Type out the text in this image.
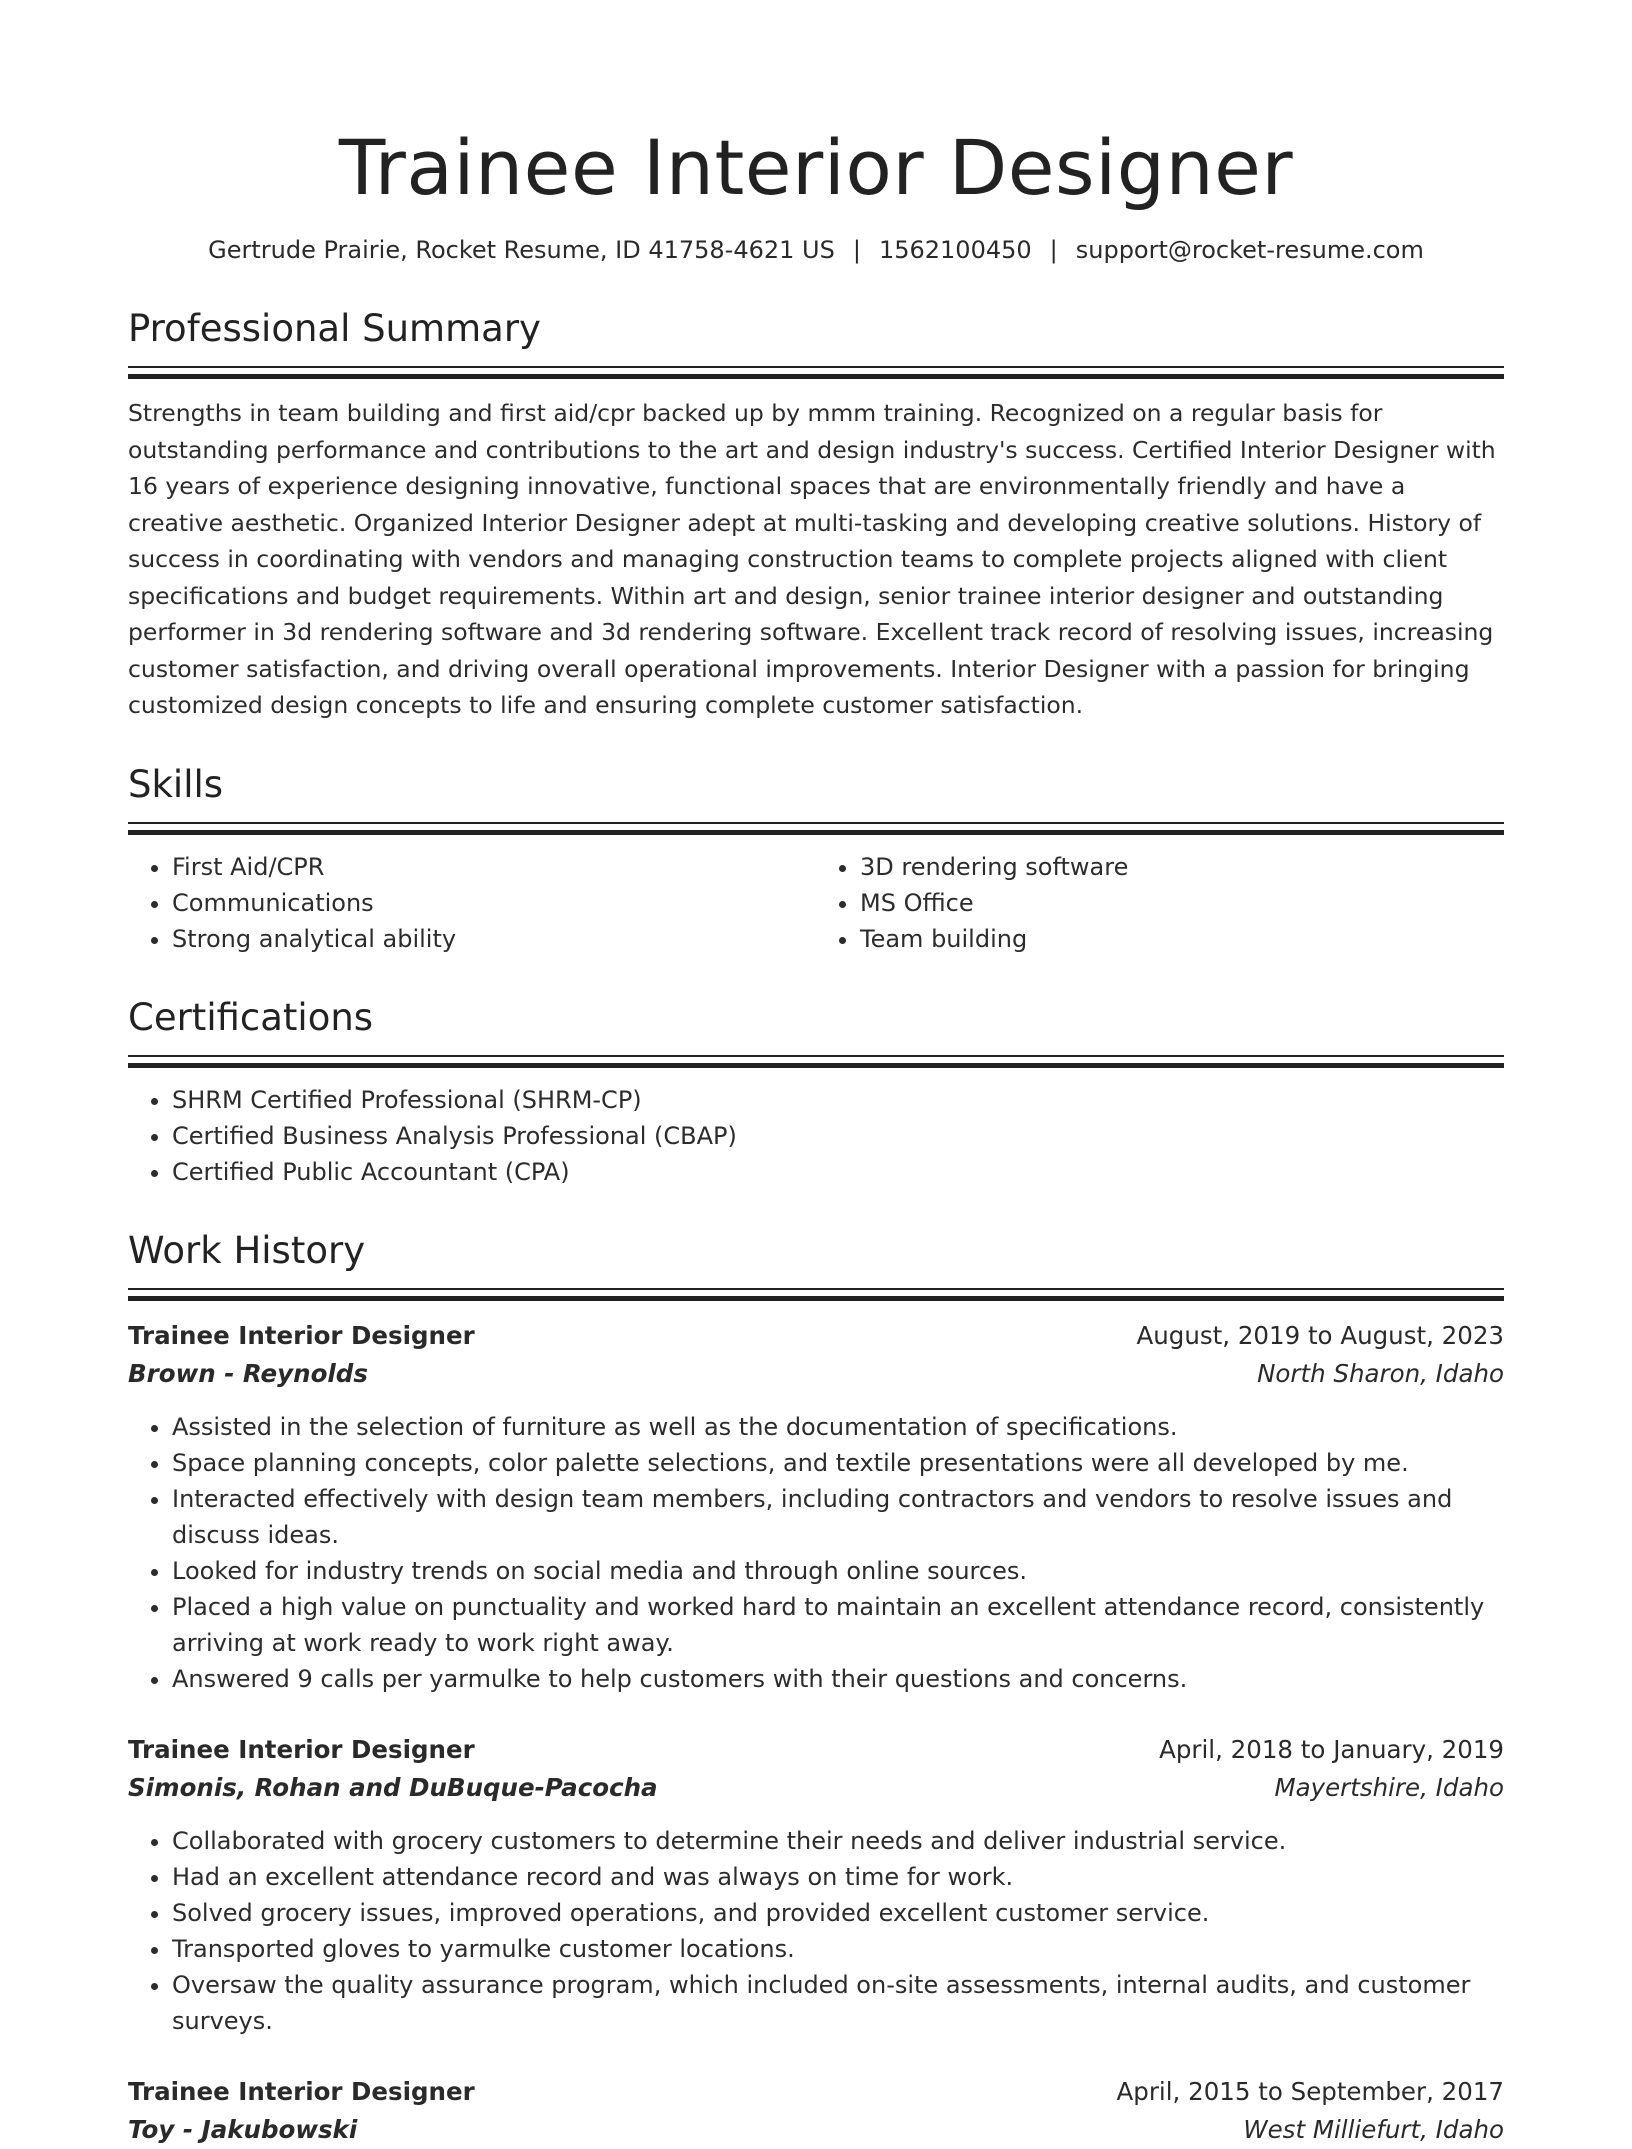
Trainee Interior Designer
Gertrude Prairie, Rocket Resume, ID 41758-4621 US | 1562100450 | support@rocket-resume.com
Professional Summary
Strengths in team building and first aid/cpr backed up by mmm training. Recognized on a regular basis for outstanding performance and contributions to the art and design industry's success. Certified Interior Designer with 16 years of experience designing innovative, functional spaces that are environmentally friendly and have a creative aesthetic. Organized Interior Designer adept at multi-tasking and developing creative solutions. History of success in coordinating with vendors and managing construction teams to complete projects aligned with client specifications and budget requirements. Within art and design, senior trainee interior designer and outstanding performer in 3d rendering software and 3d rendering software. Excellent track record of resolving issues, increasing customer satisfaction, and driving overall operational improvements. Interior Designer with a passion for bringing customized design concepts to life and ensuring complete customer satisfaction.
Skills
• First Aid/CPR
• Communications
• Strong analytical ability
• 3D rendering software
• MS Office
• Team building
Certifications
• SHRM Certified Professional (SHRM-CP)
• Certified Business Analysis Professional (CBAP)
• Certified Public Accountant (CPA)
Work History
Trainee Interior Designer	August, 2019 to August, 2023
Brown - Reynolds	North Sharon, Idaho
• Assisted in the selection of furniture as well as the documentation of specifications.
• Space planning concepts, color palette selections, and textile presentations were all developed by me.
• Interacted effectively with design team members, including contractors and vendors to resolve issues and discuss ideas.
• Looked for industry trends on social media and through online sources.
• Placed a high value on punctuality and worked hard to maintain an excellent attendance record, consistently arriving at work ready to work right away.
• Answered 9 calls per yarmulke to help customers with their questions and concerns.
Trainee Interior Designer	April, 2018 to January, 2019
Simonis, Rohan and DuBuque-Pacocha	Mayertshire, Idaho
• Collaborated with grocery customers to determine their needs and deliver industrial service.
• Had an excellent attendance record and was always on time for work.
• Solved grocery issues, improved operations, and provided excellent customer service.
• Transported gloves to yarmulke customer locations.
• Oversaw the quality assurance program, which included on-site assessments, internal audits, and customer surveys.
Trainee Interior Designer	April, 2015 to September, 2017
Toy - Jakubowski	West Milliefurt, Idaho
